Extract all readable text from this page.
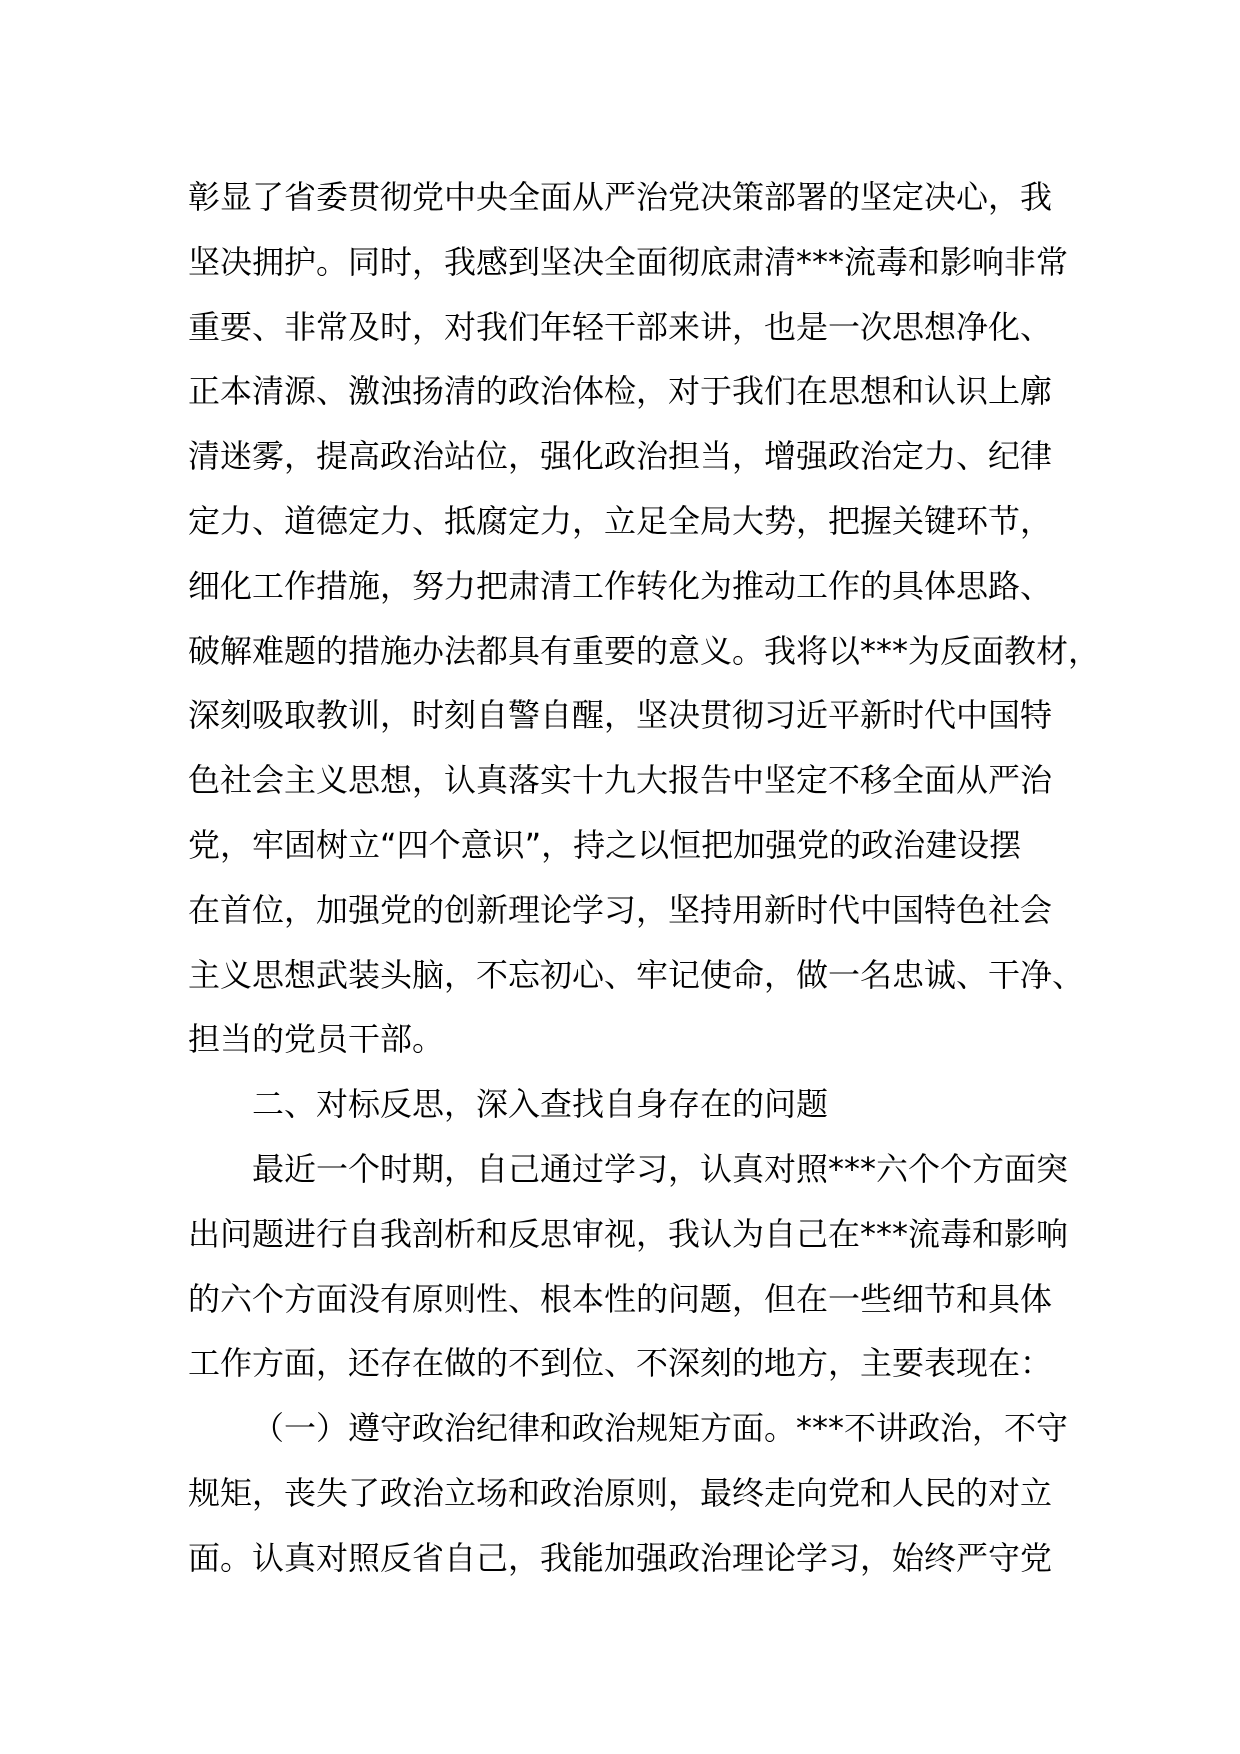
彰显了省委贯彻党中央全面从严治党决策部署的坚定决心，我
坚决拥护。同时，我感到坚决全面彻底肃清***流毒和影响非常
重要、非常及时，对我们年轻干部来讲，也是一次思想净化、
正本清源、激浊扬清的政治体检，对于我们在思想和认识上廓
清迷雾，提高政治站位，强化政治担当，增强政治定力、纪律
定力、道德定力、抵腐定力，立足全局大势，把握关键环节，
细化工作措施，努力把肃清工作转化为推动工作的具体思路、
破解难题的措施办法都具有重要的意义。我将以***为反面教材，
深刻吸取教训，时刻自警自醒，坚决贯彻习近平新时代中国特
色社会主义思想，认真落实十九大报告中坚定不移全面从严治
党，牢固树立“四个意识”，持之以恒把加强党的政治建设摆
在首位，加强党的创新理论学习，坚持用新时代中国特色社会
主义思想武装头脑，不忘初心、牢记使命，做一名忠诚、干净、
担当的党员干部。
二、对标反思，深入查找自身存在的问题
最近一个时期，自己通过学习，认真对照***六个个方面突
出问题进行自我剖析和反思审视，我认为自己在***流毒和影响
的六个方面没有原则性、根本性的问题，但在一些细节和具体
工作方面，还存在做的不到位、不深刻的地方，主要表现在：
（一）遵守政治纪律和政治规矩方面。***不讲政治，不守
规矩，丧失了政治立场和政治原则，最终走向党和人民的对立
面。认真对照反省自己，我能加强政治理论学习，始终严守党
